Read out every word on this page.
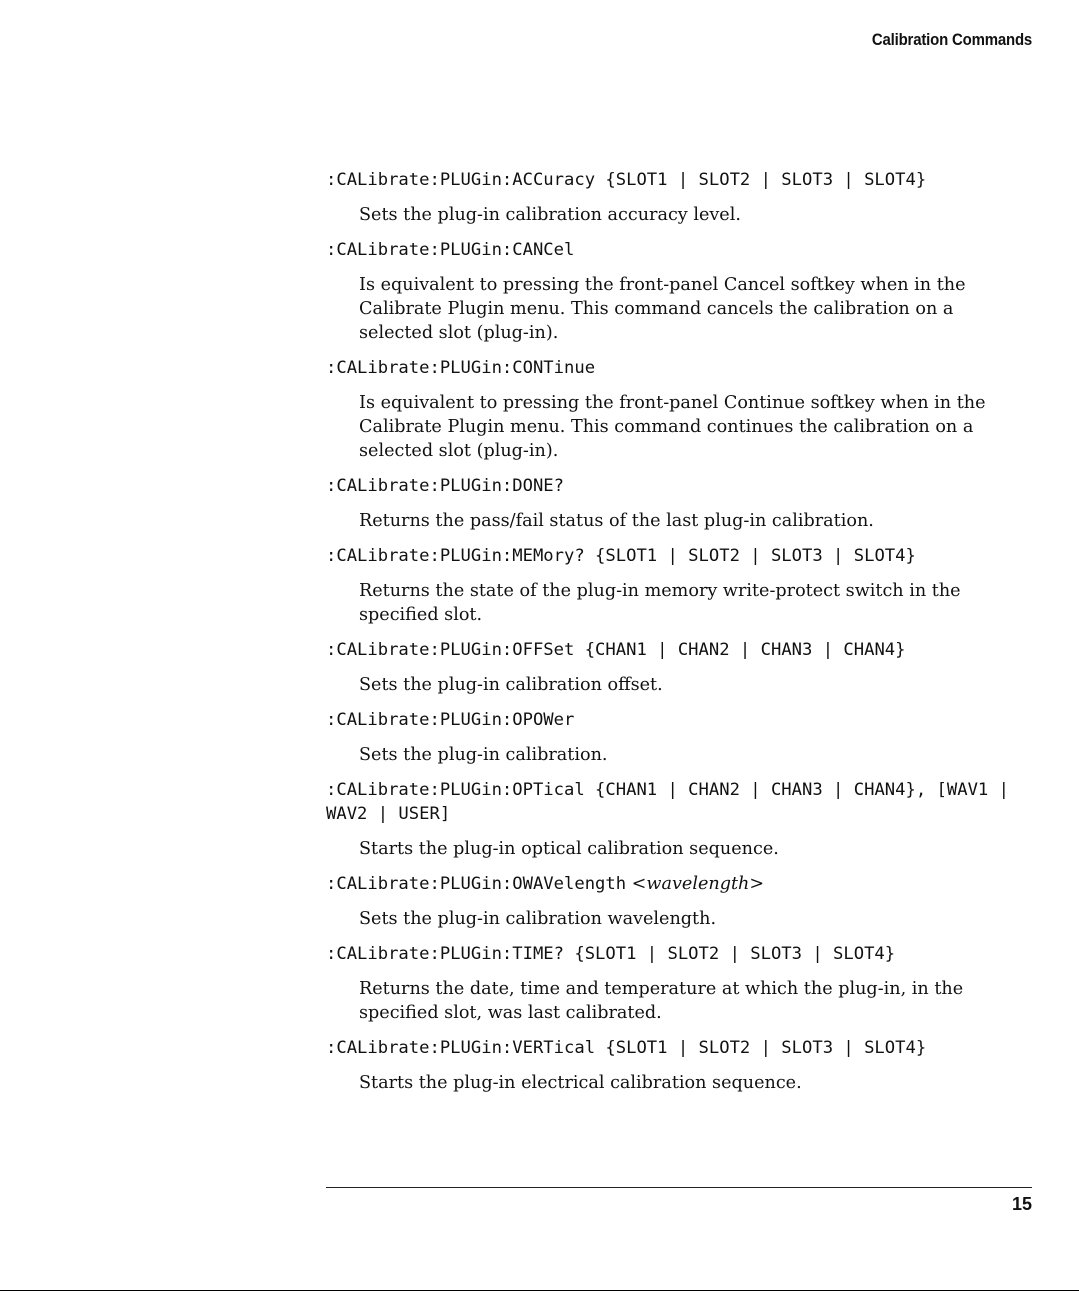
Calibration Commands
:CALibrate:PLUGin:ACCuracy {SLOT1 | SLOT2 | SLOT3 | SLOT4}
Sets the plug-in calibration accuracy level.
:CALibrate:PLUGin:CANCel
Is equivalent to pressing the front-panel Cancel softkey when in the Calibrate Plugin menu. This command cancels the calibration on a selected slot (plug-in).
:CALibrate:PLUGin:CONTinue
Is equivalent to pressing the front-panel Continue softkey when in the Calibrate Plugin menu. This command continues the calibration on a selected slot (plug-in).
:CALibrate:PLUGin:DONE?
Returns the pass/fail status of the last plug-in calibration.
:CALibrate:PLUGin:MEMory? {SLOT1 | SLOT2 | SLOT3 | SLOT4}
Returns the state of the plug-in memory write-protect switch in the specified slot.
:CALibrate:PLUGin:OFFSet {CHAN1 | CHAN2 | CHAN3 | CHAN4}
Sets the plug-in calibration offset.
:CALibrate:PLUGin:OPOWer
Sets the plug-in calibration.
:CALibrate:PLUGin:OPTical {CHAN1 | CHAN2 | CHAN3 | CHAN4}, [WAV1 | WAV2 | USER]
Starts the plug-in optical calibration sequence.
:CALibrate:PLUGin:OWAVelength <wavelength>
Sets the plug-in calibration wavelength.
:CALibrate:PLUGin:TIME? {SLOT1 | SLOT2 | SLOT3 | SLOT4}
Returns the date, time and temperature at which the plug-in, in the specified slot, was last calibrated.
:CALibrate:PLUGin:VERTical {SLOT1 | SLOT2 | SLOT3 | SLOT4}
Starts the plug-in electrical calibration sequence.
15
